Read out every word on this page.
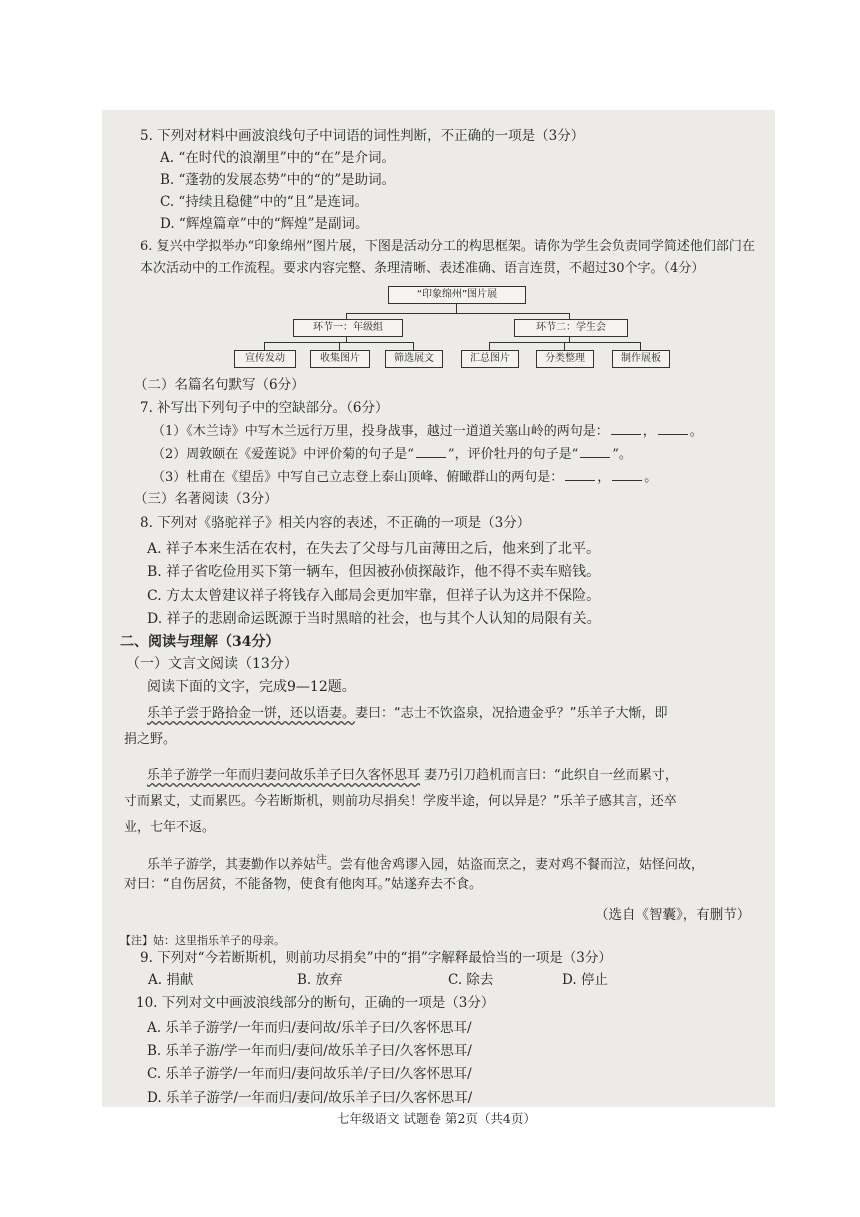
5. 下列对材料中画波浪线句子中词语的词性判断，不正确的一项是（3分）
A. “在时代的浪潮里”中的“在”是介词。
B. “蓬勃的发展态势”中的“的”是助词。
C. “持续且稳健”中的“且”是连词。
D. “辉煌篇章”中的“辉煌”是副词。
6. 复兴中学拟举办“印象绵州”图片展，下图是活动分工的构思框架。请你为学生会负责同学简述他们部门在
本次活动中的工作流程。要求内容完整、条理清晰、表述准确、语言连贯，不超过30个字。（4分）
“印象绵州”图片展
环节一：年级组	环节二：学生会
宣传发动	收集图片	筛选展文	汇总图片	分类整理	制作展板
（二）名篇名句默写（6分）
7. 补写出下列句子中的空缺部分。（6分）
（1）《木兰诗》中写木兰远行万里，投身战事，越过一道道关塞山岭的两句是：	，	。
（2）周敦颐在《爱莲说》中评价菊的句子是“	”，评价牡丹的句子是“	”。
（3）杜甫在《望岳》中写自己立志登上泰山顶峰、俯瞰群山的两句是：	，	。
（三）名著阅读（3分）
8. 下列对《骆驼祥子》相关内容的表述，不正确的一项是（3分）
A. 祥子本来生活在农村，在失去了父母与几亩薄田之后，他来到了北平。
B. 祥子省吃俭用买下第一辆车，但因被孙侦探敲诈，他不得不卖车赔钱。
C. 方太太曾建议祥子将钱存入邮局会更加牢靠，但祥子认为这并不保险。
D. 祥子的悲剧命运既源于当时黑暗的社会，也与其个人认知的局限有关。
二、阅读与理解（34分）
（一）文言文阅读（13分）
阅读下面的文字，完成9—12题。
乐羊子尝于路拾金一饼，还以语妻。妻曰：“志士不饮盗泉，况拾遗金乎？”乐羊子大惭，即
捐之野。
乐羊子游学一年而归妻问故乐羊子曰久客怀思耳 妻乃引刀趋机而言曰：“此织自一丝而累寸，
寸而累丈，丈而累匹。今若断斯机，则前功尽捐矣！学废半途，何以异是？”乐羊子感其言，还卒
业，七年不返。
乐羊子游学，其妻勤作以养姑$^注$。尝有他舍鸡谬入园，姑盗而烹之，妻对鸡不餐而泣，姑怪问故，
对曰：“自伤居贫，不能备物，使食有他肉耳。”姑遂弃去不食。
（选自《智囊》，有删节）
【注】姑：这里指乐羊子的母亲。
9. 下列对“今若断斯机，则前功尽捐矣”中的“捐”字解释最恰当的一项是（3分）
A. 捐献	B. 放弃	C. 除去	D. 停止
10. 下列对文中画波浪线部分的断句，正确的一项是（3分）
A. 乐羊子游学/一年而归/妻问故/乐羊子曰/久客怀思耳/
B. 乐羊子游/学一年而归/妻问/故乐羊子曰/久客怀思耳/
C. 乐羊子游学/一年而归/妻问故乐羊/子曰/久客怀思耳/
D. 乐羊子游学/一年而归/妻问/故乐羊子曰/久客怀思耳/
七年级语文 试题卷 第2页（共4页）
